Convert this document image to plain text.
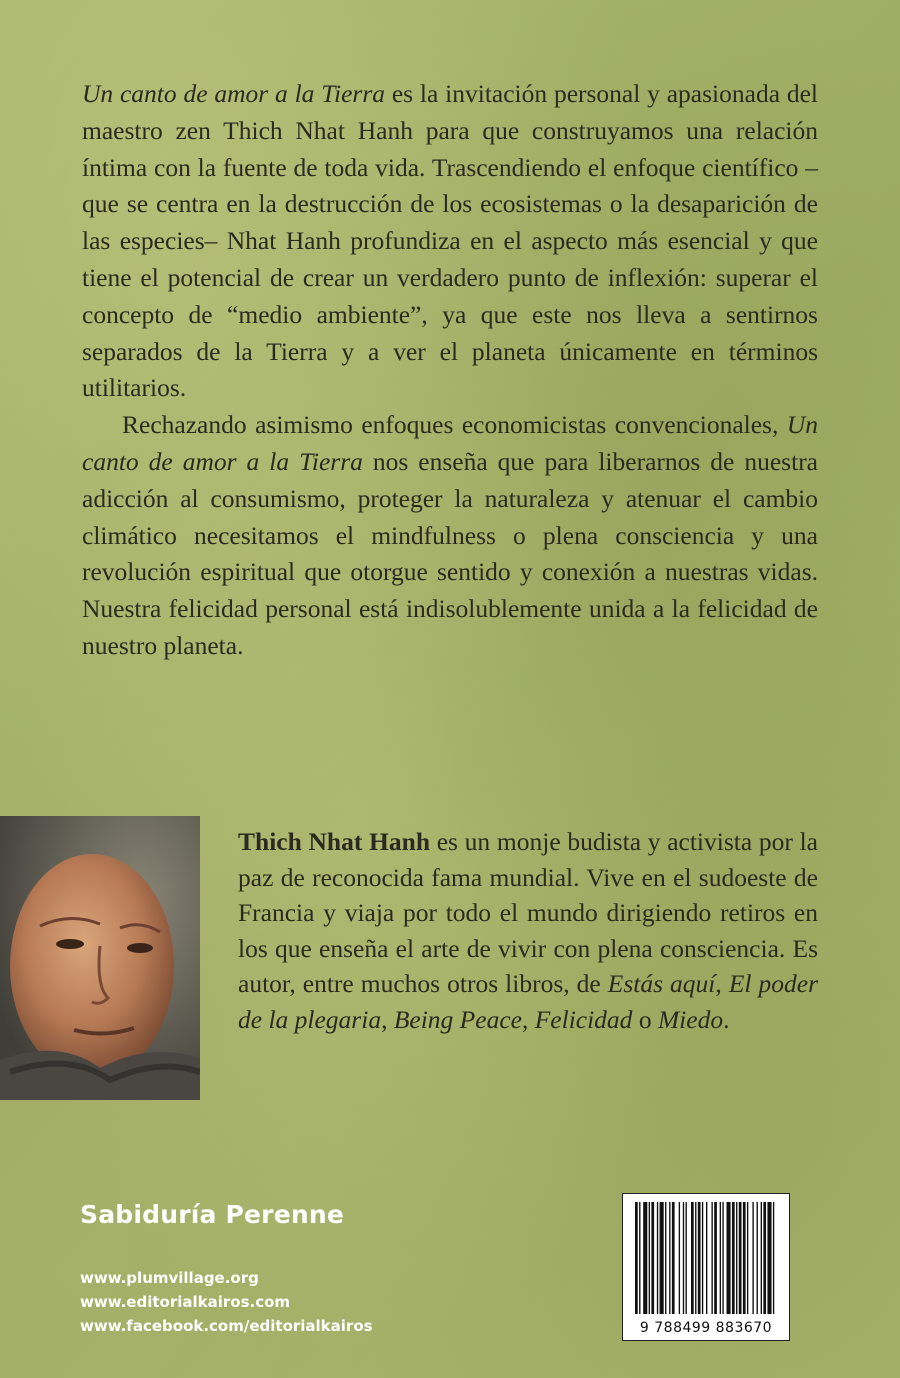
Un canto de amor a la Tierra es la invitación personal y apasionada del maestro zen Thich Nhat Hanh para que construyamos una relación íntima con la fuente de toda vida. Trascendiendo el enfoque científico –que se centra en la destrucción de los ecosistemas o la desaparición de las especies– Nhat Hanh profundiza en el aspecto más esencial y que tiene el potencial de crear un verdadero punto de inflexión: superar el concepto de “medio ambiente”, ya que este nos lleva a sentirnos separados de la Tierra y a ver el planeta únicamente en términos utilitarios.

Rechazando asimismo enfoques economicistas convencionales, Un canto de amor a la Tierra nos enseña que para liberarnos de nuestra adicción al consumismo, proteger la naturaleza y atenuar el cambio climático necesitamos el mindfulness o plena consciencia y una revolución espiritual que otorgue sentido y conexión a nuestras vidas. Nuestra felicidad personal está indisolublemente unida a la felicidad de nuestro planeta.

Thich Nhat Hanh es un monje budista y activista por la paz de reconocida fama mundial. Vive en el sudoeste de Francia y viaja por todo el mundo dirigiendo retiros en los que enseña el arte de vivir con plena consciencia. Es autor, entre muchos otros libros, de Estás aquí, El poder de la plegaria, Being Peace, Felicidad o Miedo.

Sabiduría Perenne
www.plumvillage.org
www.editorialkairos.com
www.facebook.com/editorialkairos	9 788499 883670
